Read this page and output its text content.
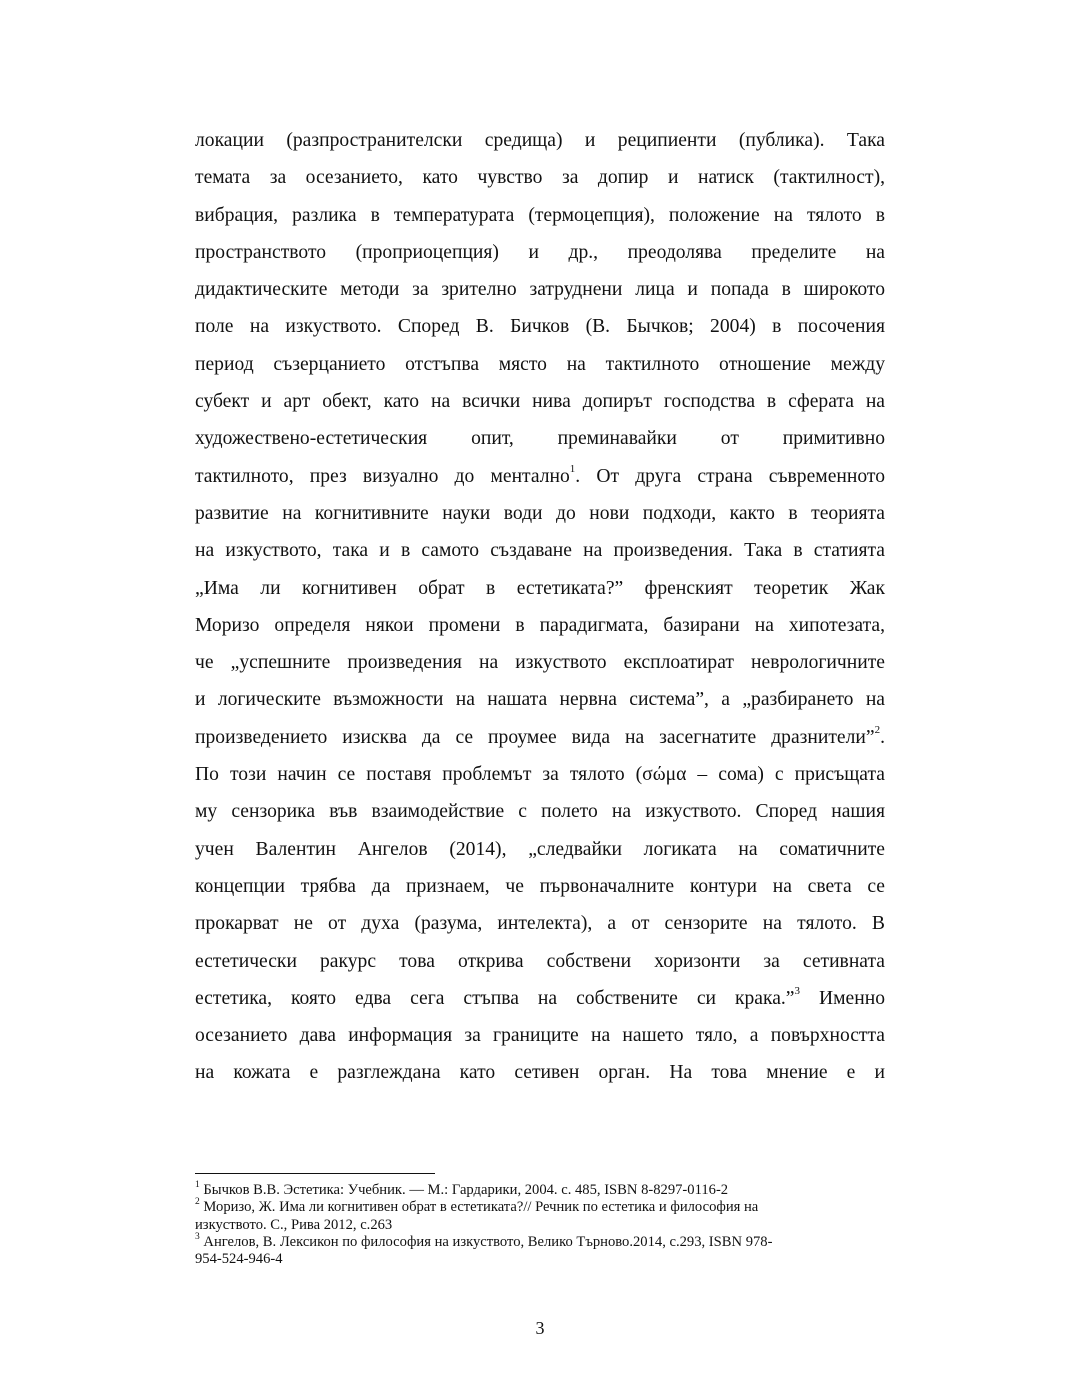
локации (разпространителски средища) и реципиенти (публика). Така
темата за осезанието, като чувство за допир и натиск (тактилност),
вибрация, разлика в температурата (термоцепция), положение на тялото в
пространството (проприоцепция) и др., преодолява пределите на
дидактическите методи за зрително затруднени лица и попада в широкото
поле на изкуството. Според В. Бичков (В. Бычков; 2004) в посочения
период съзерцанието отстъпва място на тактилното отношение между
субект и арт обект, като на всички нива допирът господства в сферата на
художествено-естетическия опит, преминавайки от примитивно
тактилното, през визуално до ментално$^1$. От друга страна съвременното
развитие на когнитивните науки води до нови подходи, както в теорията
на изкуството, така и в самото създаване на произведения. Така в статията
„Има ли когнитивен обрат в естетиката?” френският теоретик Жак
Моризо определя някои промени в парадигмата, базирани на хипотезата,
че „успешните произведения на изкуството експлоатират неврологичните
и логическите възможности на нашата нервна система”, а „разбирането на
произведението изисква да се проумее вида на засегнатите дразнители”$^2$.
По този начин се поставя проблемът за тялото (σώμα – сома) с присъщата
му сензорика във взаимодействие с полето на изкуството. Според нашия
учен Валентин Ангелов (2014), „следвайки логиката на соматичните
концепции трябва да признаем, че първоначалните контури на света се
прокарват не от духа (разума, интелекта), а от сензорите на тялото. В
естетически ракурс това открива собствени хоризонти за сетивната
естетика, която едва сега стъпва на собствените си крака.”$^3$ Именно
осезанието дава информация за границите на нашето тяло, а повърхността
на кожата е разглеждана като сетивен орган. На това мнение е и
$^1$ Бычков В.В. Эстетика: Учебник. — М.: Гардарики, 2004. с. 485, ISBN 8-8297-0116-2
$^2$ Моризо, Ж. Има ли когнитивен обрат в естетиката?// Речник по естетика и философия на
изкуството. С., Рива 2012, с.263
$^3$ Ангелов, В. Лексикон по философия на изкуството, Велико Търново.2014, с.293, ISBN 978-
954-524-946-4
3
